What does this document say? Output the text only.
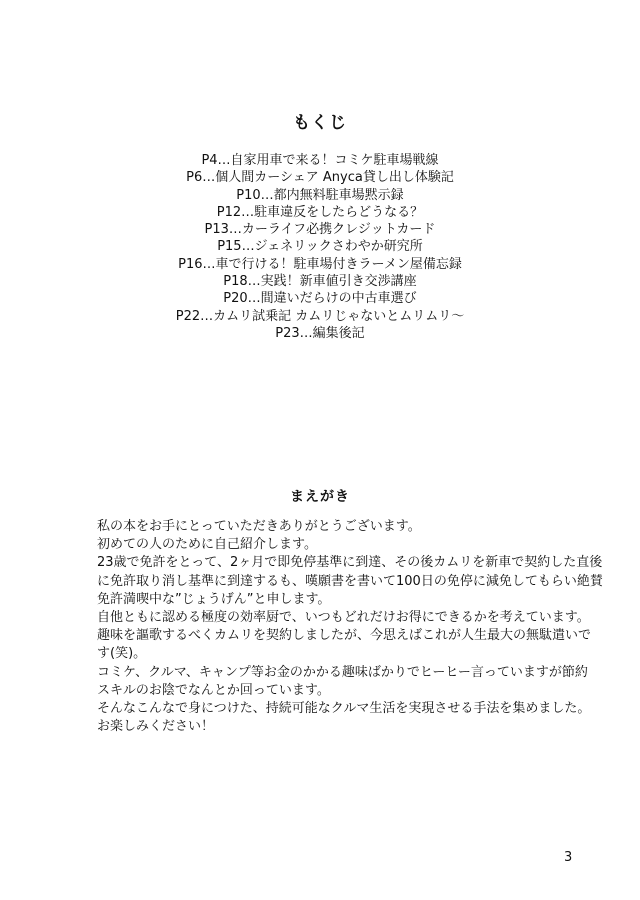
もくじ
P4…自家用車で来る！コミケ駐車場戦線
P6…個人間カーシェア Anyca貸し出し体験記
P10…都内無料駐車場黙示録
P12…駐車違反をしたらどうなる？
P13…カーライフ必携クレジットカード
P15…ジェネリックさわやか研究所
P16…車で行ける！駐車場付きラーメン屋備忘録
P18…実践！新車値引き交渉講座
P20…間違いだらけの中古車選び
P22…カムリ試乗記 カムリじゃないとムリムリ～
P23…編集後記
まえがき
私の本をお手にとっていただきありがとうございます。
初めての人のために自己紹介します。
23歳で免許をとって、2ヶ月で即免停基準に到達、その後カムリを新車で契約した直後
に免許取り消し基準に到達するも、嘆願書を書いて100日の免停に減免してもらい絶賛
免許満喫中な”じょうげん”と申します。
自他ともに認める極度の効率厨で、いつもどれだけお得にできるかを考えています。
趣味を謳歌するべくカムリを契約しましたが、今思えばこれが人生最大の無駄遣いで
す(笑)。
コミケ、クルマ、キャンプ等お金のかかる趣味ばかりでヒーヒー言っていますが節約
スキルのお陰でなんとか回っています。
そんなこんなで身につけた、持続可能なクルマ生活を実現させる手法を集めました。
お楽しみください！
3
